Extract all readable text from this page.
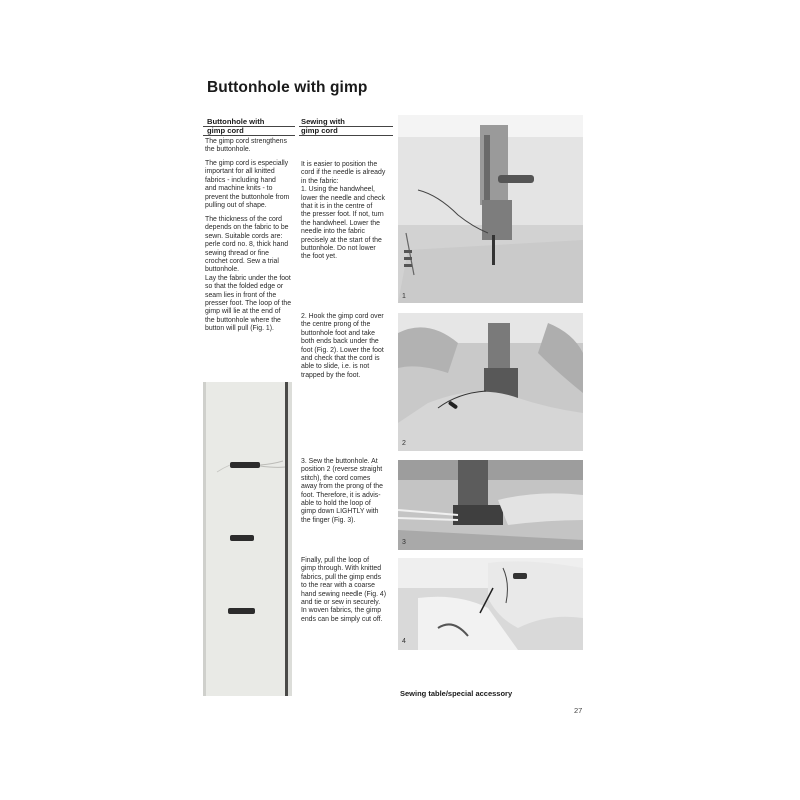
Buttonhole with gimp
Buttonhole with
gimp cord
The gimp cord strengthens
the buttonhole.
The gimp cord is especially
important for all knitted
fabrics - including hand
and machine knits - to
prevent the buttonhole from
pulling out of shape.
The thickness of the cord
depends on the fabric to be
sewn. Suitable cords are:
perle cord no. 8, thick hand
sewing thread or fine
crochet cord. Sew a trial
buttonhole.
Lay the fabric under the foot
so that the folded edge or
seam lies in front of the
presser foot. The loop of the
gimp will lie at the end of
the buttonhole where the
button will pull (Fig. 1).
Sewing with
gimp cord
It is easier to position the
cord if the needle is already
in the fabric:
1. Using the handwheel,
lower the needle and check
that it is in the centre of
the presser foot. If not, turn
the handwheel. Lower the
needle into the fabric
precisely at the start of the
buttonhole. Do not lower
the foot yet.
2. Hook the gimp cord over
the centre prong of the
buttonhole foot and take
both ends back under the
foot (Fig. 2). Lower the foot
and check that the cord is
able to slide, i.e. is not
trapped by the foot.
3. Sew the buttonhole. At
position 2 (reverse straight
stitch), the cord comes
away from the prong of the
foot. Therefore, it is advis-
able to hold the loop of
gimp down LIGHTLY with
the finger (Fig. 3).
Finally, pull the loop of
gimp through. With knitted
fabrics, pull the gimp ends
to the rear with a coarse
hand sewing needle (Fig. 4)
and tie or sew in securely.
In woven fabrics, the gimp
ends can be simply cut off.
1
2
3
4
Sewing table/special accessory
27
